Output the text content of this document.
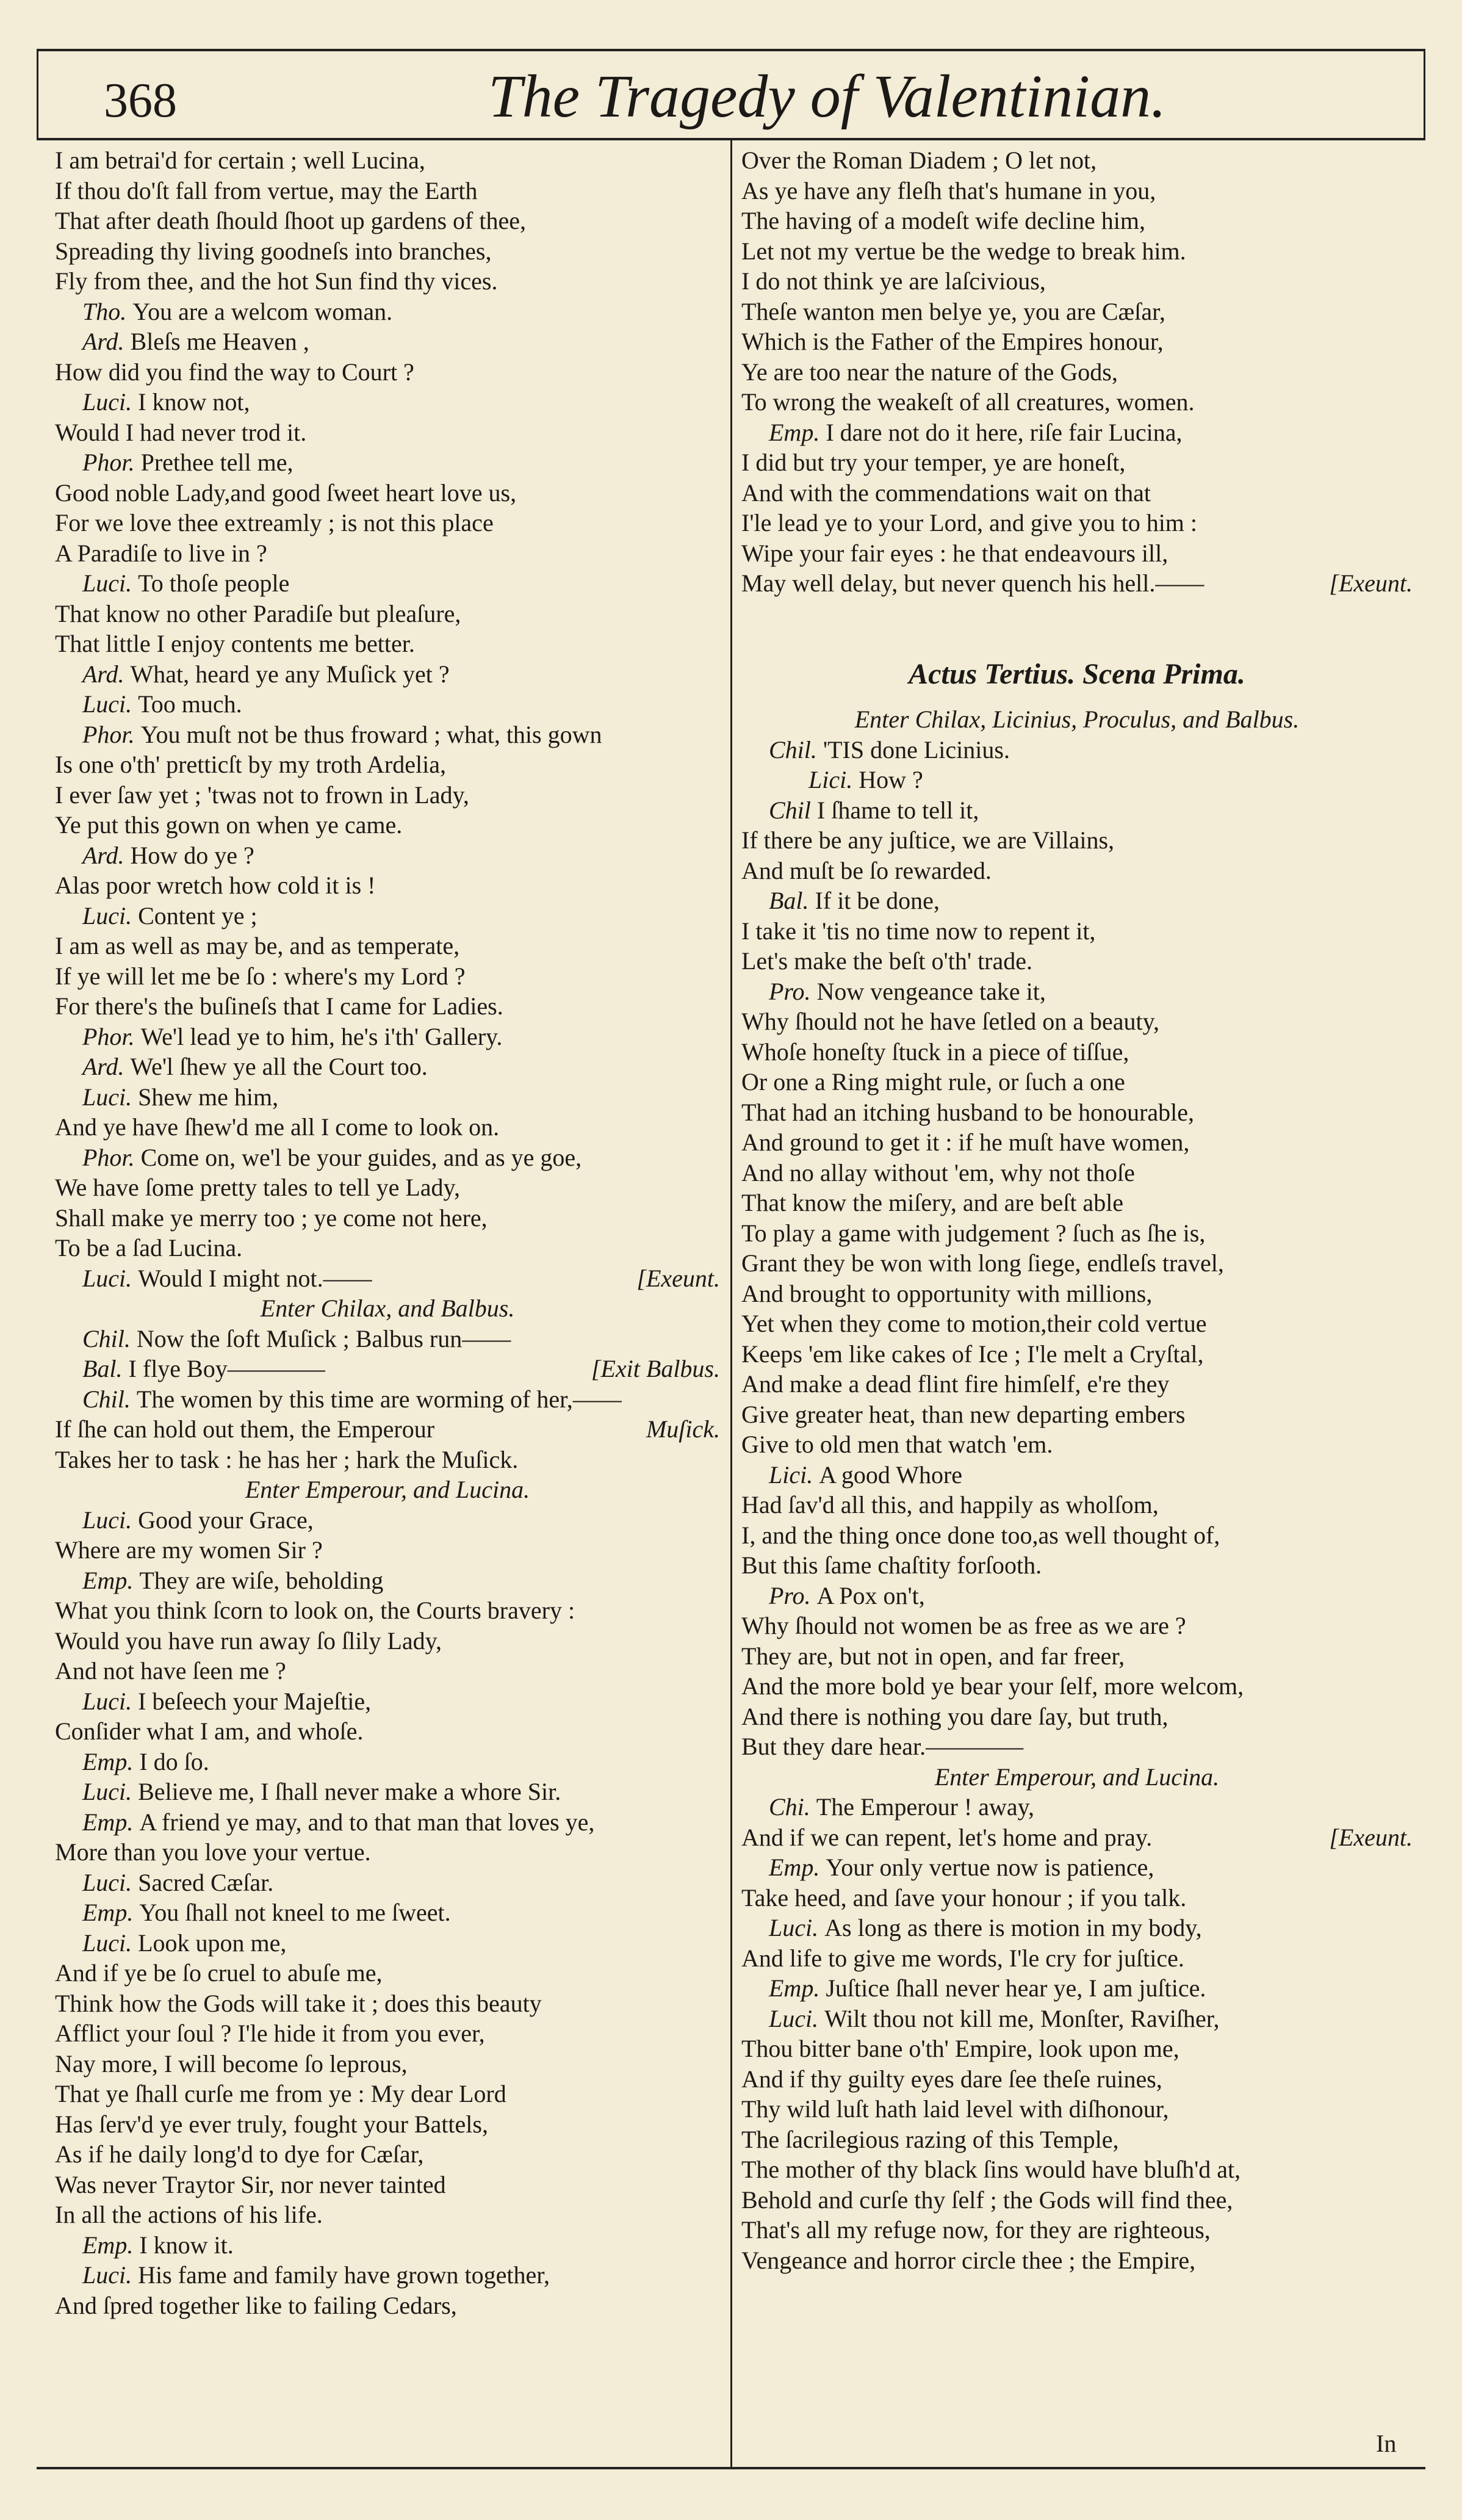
368	The Tragedy of Valentinian.
I am betrai'd for certain ; well Lucina,
If thou do'ſt fall from vertue, may the Earth
That after death ſhould ſhoot up gardens of thee,
Spreading thy living goodneſs into branches,
Fly from thee, and the hot Sun find thy vices.
Tho. You are a welcom woman.
Ard. Bleſs me Heaven ,
How did you find the way to Court ?
Luci. I know not,
Would I had never trod it.
Phor. Prethee tell me,
Good noble Lady,and good ſweet heart love us,
For we love thee extreamly ; is not this place
A Paradiſe to live in ?
Luci. To thoſe people
That know no other Paradiſe but pleaſure,
That little I enjoy contents me better.
Ard. What, heard ye any Muſick yet ?
Luci. Too much.
Phor. You muſt not be thus froward ; what, this gown
Is one o'th' pretticſt by my troth Ardelia,
I ever ſaw yet ; 'twas not to frown in Lady,
Ye put this gown on when ye came.
Ard. How do ye ?
Alas poor wretch how cold it is !
Luci. Content ye ;
I am as well as may be, and as temperate,
If ye will let me be ſo : where's my Lord ?
For there's the buſineſs that I came for Ladies.
Phor. We'l lead ye to him, he's i'th' Gallery.
Ard. We'l ſhew ye all the Court too.
Luci. Shew me him,
And ye have ſhew'd me all I come to look on.
Phor. Come on, we'l be your guides, and as ye goe,
We have ſome pretty tales to tell ye Lady,
Shall make ye merry too ; ye come not here,
To be a ſad Lucina.
Luci. Would I might not.——	[Exeunt.
Enter Chilax, and Balbus.
Chil. Now the ſoft Muſick ; Balbus run——
Bal. I flye Boy————	[Exit Balbus.
Chil. The women by this time are worming of her,——
If ſhe can hold out them, the Emperour	Muſick.
Takes her to task : he has her ; hark the Muſick.
Enter Emperour, and Lucina.
Luci. Good your Grace,
Where are my women Sir ?
Emp. They are wiſe, beholding
What you think ſcorn to look on, the Courts bravery :
Would you have run away ſo ſlily Lady,
And not have ſeen me ?
Luci. I beſeech your Majeſtie,
Conſider what I am, and whoſe.
Emp. I do ſo.
Luci. Believe me, I ſhall never make a whore Sir.
Emp. A friend ye may, and to that man that loves ye,
More than you love your vertue.
Luci. Sacred Cæſar.
Emp. You ſhall not kneel to me ſweet.
Luci. Look upon me,
And if ye be ſo cruel to abuſe me,
Think how the Gods will take it ; does this beauty
Afflict your ſoul ? I'le hide it from you ever,
Nay more, I will become ſo leprous,
That ye ſhall curſe me from ye : My dear Lord
Has ſerv'd ye ever truly, fought your Battels,
As if he daily long'd to dye for Cæſar,
Was never Traytor Sir, nor never tainted
In all the actions of his life.
Emp. I know it.
Luci. His fame and family have grown together,
And ſpred together like to failing Cedars,
Over the Roman Diadem ; O let not,
As ye have any fleſh that's humane in you,
The having of a modeſt wife decline him,
Let not my vertue be the wedge to break him.
I do not think ye are laſcivious,
Theſe wanton men belye ye, you are Cæſar,
Which is the Father of the Empires honour,
Ye are too near the nature of the Gods,
To wrong the weakeſt of all creatures, women.
Emp. I dare not do it here, riſe fair Lucina,
I did but try your temper, ye are honeſt,
And with the commendations wait on that
I'le lead ye to your Lord, and give you to him :
Wipe your fair eyes : he that endeavours ill,
May well delay, but never quench his hell.——	[Exeunt.
Actus Tertius. Scena Prima.
Enter Chilax, Licinius, Proculus, and Balbus.
Chil. 'TIS done Licinius.
Lici. How ?
Chil I ſhame to tell it,
If there be any juſtice, we are Villains,
And muſt be ſo rewarded.
Bal. If it be done,
I take it 'tis no time now to repent it,
Let's make the beſt o'th' trade.
Pro. Now vengeance take it,
Why ſhould not he have ſetled on a beauty,
Whoſe honeſty ſtuck in a piece of tiſſue,
Or one a Ring might rule, or ſuch a one
That had an itching husband to be honourable,
And ground to get it : if he muſt have women,
And no allay without 'em, why not thoſe
That know the miſery, and are beſt able
To play a game with judgement ? ſuch as ſhe is,
Grant they be won with long ſiege, endleſs travel,
And brought to opportunity with millions,
Yet when they come to motion,their cold vertue
Keeps 'em like cakes of Ice ; I'le melt a Cryſtal,
And make a dead flint fire himſelf, e're they
Give greater heat, than new departing embers
Give to old men that watch 'em.
Lici. A good Whore
Had ſav'd all this, and happily as wholſom,
I, and the thing once done too,as well thought of,
But this ſame chaſtity forſooth.
Pro. A Pox on't,
Why ſhould not women be as free as we are ?
They are, but not in open, and far freer,
And the more bold ye bear your ſelf, more welcom,
And there is nothing you dare ſay, but truth,
But they dare hear.————
Enter Emperour, and Lucina.
Chi. The Emperour ! away,
And if we can repent, let's home and pray.	[Exeunt.
Emp. Your only vertue now is patience,
Take heed, and ſave your honour ; if you talk.
Luci. As long as there is motion in my body,
And life to give me words, I'le cry for juſtice.
Emp. Juſtice ſhall never hear ye, I am juſtice.
Luci. Wilt thou not kill me, Monſter, Raviſher,
Thou bitter bane o'th' Empire, look upon me,
And if thy guilty eyes dare ſee theſe ruines,
Thy wild luſt hath laid level with diſhonour,
The ſacrilegious razing of this Temple,
The mother of thy black ſins would have bluſh'd at,
Behold and curſe thy ſelf ; the Gods will find thee,
That's all my refuge now, for they are righteous,
Vengeance and horror circle thee ; the Empire,
In
